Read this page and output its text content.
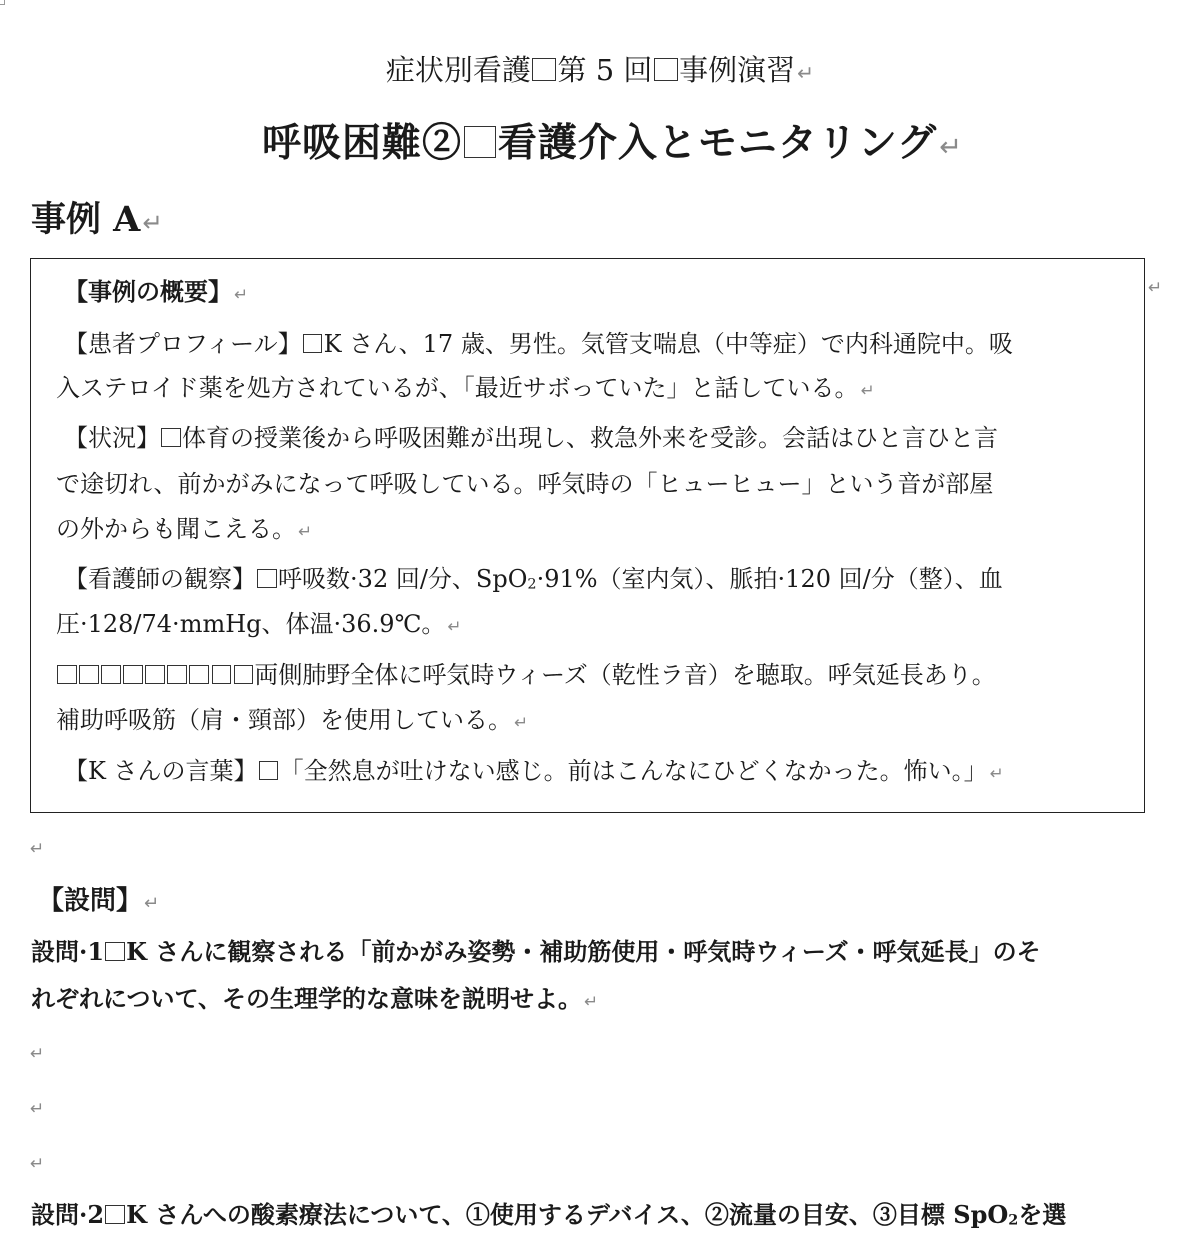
症状別看護 第 5 回 事例演習↵
呼吸困難② 看護介入とモニタリング↵
事例 A↵
↵
【事例の概要】 ↵
【患者プロフィール】 K さん、17 歳、男性。気管支喘息（中等症）で内科通院中。吸
入ステロイド薬を処方されているが、「最近サボっていた」と話している。 ↵
【状況】 体育の授業後から呼吸困難が出現し、救急外来を受診。会話はひと言ひと言
で途切れ、前かがみになって呼吸している。呼気時の「ヒューヒュー」という音が部屋
の外からも聞こえる。 ↵
【看護師の観察】 呼吸数·32 回/分、SpO2·91%（室内気）、脈拍·120 回/分（整）、血
圧·128/74·mmHg、体温·36.9℃。 ↵
両側肺野全体に呼気時ウィーズ（乾性ラ音）を聴取。呼気延長あり。
補助呼吸筋（肩・頸部）を使用している。 ↵
【K さんの言葉】 「全然息が吐けない感じ。前はこんなにひどくなかった。怖い。」 ↵
↵
【設問】 ↵
設問·1 K さんに観察される「前かがみ姿勢・補助筋使用・呼気時ウィーズ・呼気延長」のそ
れぞれについて、その生理学的な意味を説明せよ。 ↵
↵
↵
↵
設問·2 K さんへの酸素療法について、①使用するデバイス、②流量の目安、③目標 SpO2を選
